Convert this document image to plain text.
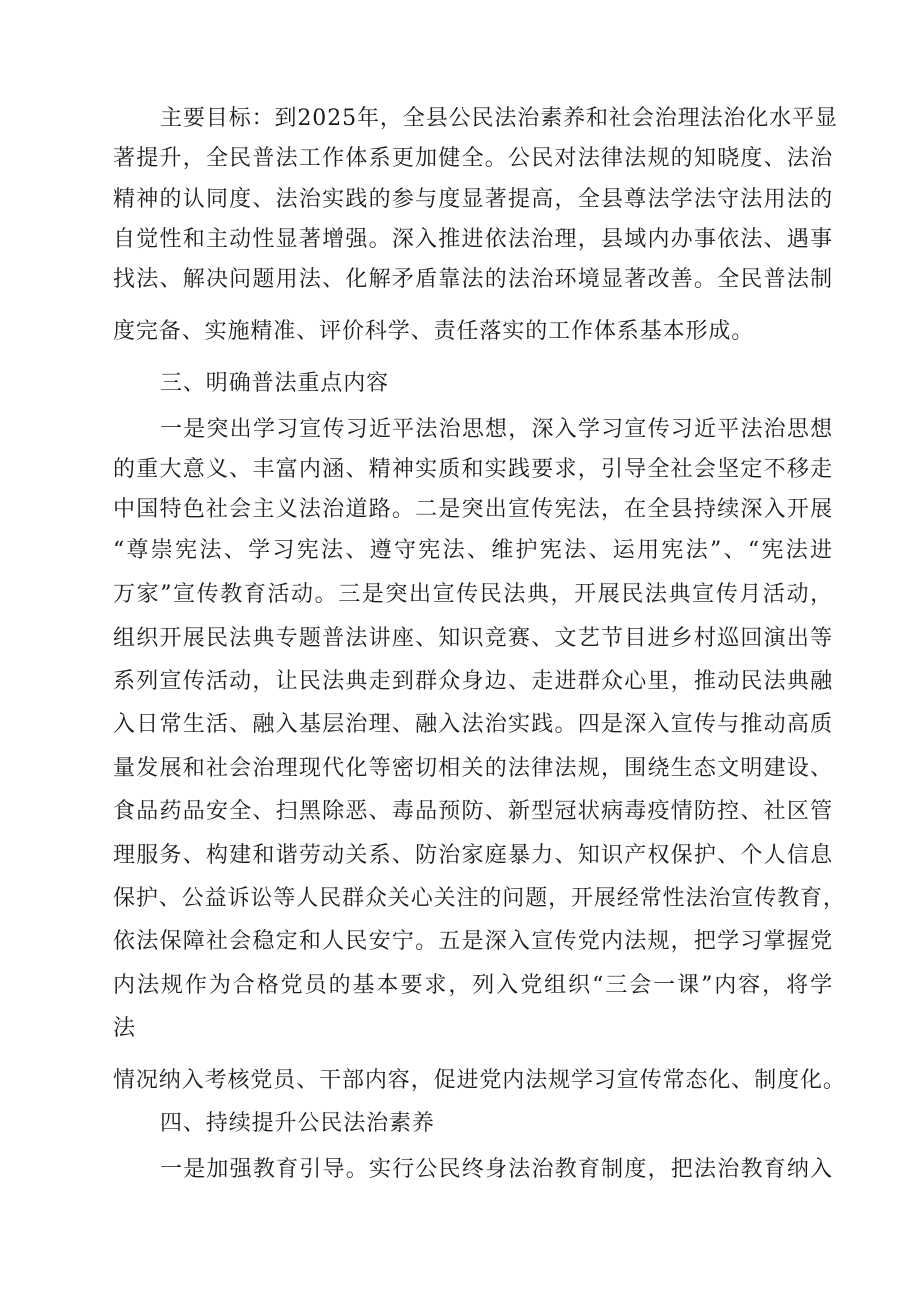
主要目标：到2025年，全县公民法治素养和社会治理法治化水平显
著提升，全民普法工作体系更加健全。公民对法律法规的知晓度、法治
精神的认同度、法治实践的参与度显著提高，全县尊法学法守法用法的
自觉性和主动性显著增强。深入推进依法治理，县域内办事依法、遇事
找法、解决问题用法、化解矛盾靠法的法治环境显著改善。全民普法制
度完备、实施精准、评价科学、责任落实的工作体系基本形成。
三、明确普法重点内容
一是突出学习宣传习近平法治思想，深入学习宣传习近平法治思想
的重大意义、丰富内涵、精神实质和实践要求，引导全社会坚定不移走
中国特色社会主义法治道路。二是突出宣传宪法，在全县持续深入开展
“尊崇宪法、学习宪法、遵守宪法、维护宪法、运用宪法”、“宪法进
万家”宣传教育活动。三是突出宣传民法典，开展民法典宣传月活动，
组织开展民法典专题普法讲座、知识竞赛、文艺节目进乡村巡回演出等
系列宣传活动，让民法典走到群众身边、走进群众心里，推动民法典融
入日常生活、融入基层治理、融入法治实践。四是深入宣传与推动高质
量发展和社会治理现代化等密切相关的法律法规，围绕生态文明建设、
食品药品安全、扫黑除恶、毒品预防、新型冠状病毒疫情防控、社区管
理服务、构建和谐劳动关系、防治家庭暴力、知识产权保护、个人信息
保护、公益诉讼等人民群众关心关注的问题，开展经常性法治宣传教育，
依法保障社会稳定和人民安宁。五是深入宣传党内法规，把学习掌握党
内法规作为合格党员的基本要求，列入党组织“三会一课”内容，将学
法
情况纳入考核党员、干部内容，促进党内法规学习宣传常态化、制度化。
四、持续提升公民法治素养
一是加强教育引导。实行公民终身法治教育制度，把法治教育纳入
